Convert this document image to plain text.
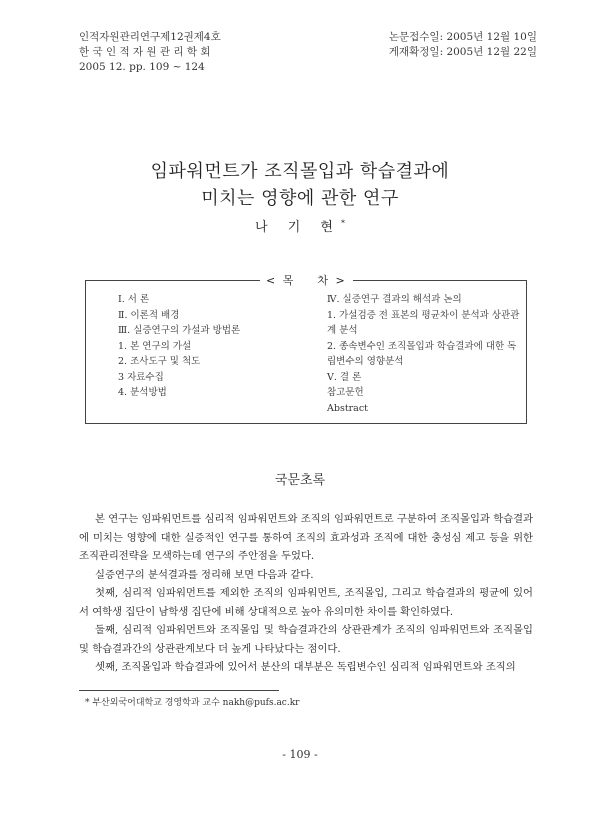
인적자원관리연구제12권제4호
한 국 인 적 자 원 관 리 학 회
2005 12. pp. 109 ~ 124
논문접수일: 2005년 12월 10일
게재확정일: 2005년 12월 22일
임파워먼트가 조직몰입과 학습결과에
미치는 영향에 관한 연구
나 기 현*
< 목    차 >
Ⅰ. 서 론
Ⅱ. 이론적 배경
Ⅲ. 실증연구의 가설과 방법론
1. 본 연구의 가설
2. 조사도구 및 척도
3 자료수집
4. 분석방법
Ⅳ. 실증연구 결과의 해석과 논의
1. 가설검증 전 표본의 평균차이 분석과 상관관계 분석
2. 종속변수인 조직몰입과 학습결과에 대한 독립변수의 영향분석
Ⅴ. 결 론
참고문헌
Abstract
국문초록

본 연구는 임파워먼트를 심리적 임파워먼트와 조직의 임파워먼트로 구분하여 조직몰입과 학습결과에 미치는 영향에 대한 실증적인 연구를 통하여 조직의 효과성과 조직에 대한 충성심 제고 등을 위한 조직관리전략을 모색하는데 연구의 주안점을 두었다.

실증연구의 분석결과를 정리해 보면 다음과 같다.

첫째, 심리적 임파워먼트를 제외한 조직의 임파워먼트, 조직몰입, 그리고 학습결과의 평균에 있어서 여학생 집단이 남학생 집단에 비해 상대적으로 높아 유의미한 차이를 확인하였다.

둘째, 심리적 임파워먼트와 조직몰입 및 학습결과간의 상관관계가 조직의 임파워먼트와 조직몰입 및 학습결과간의 상관관계보다 더 높게 나타났다는 점이다.

셋째, 조직몰입과 학습결과에 있어서 분산의 대부분은 독립변수인 심리적 임파워먼트와 조직의

* 부산외국어대학교 경영학과 교수 nakh@pufs.ac.kr
- 109 -
